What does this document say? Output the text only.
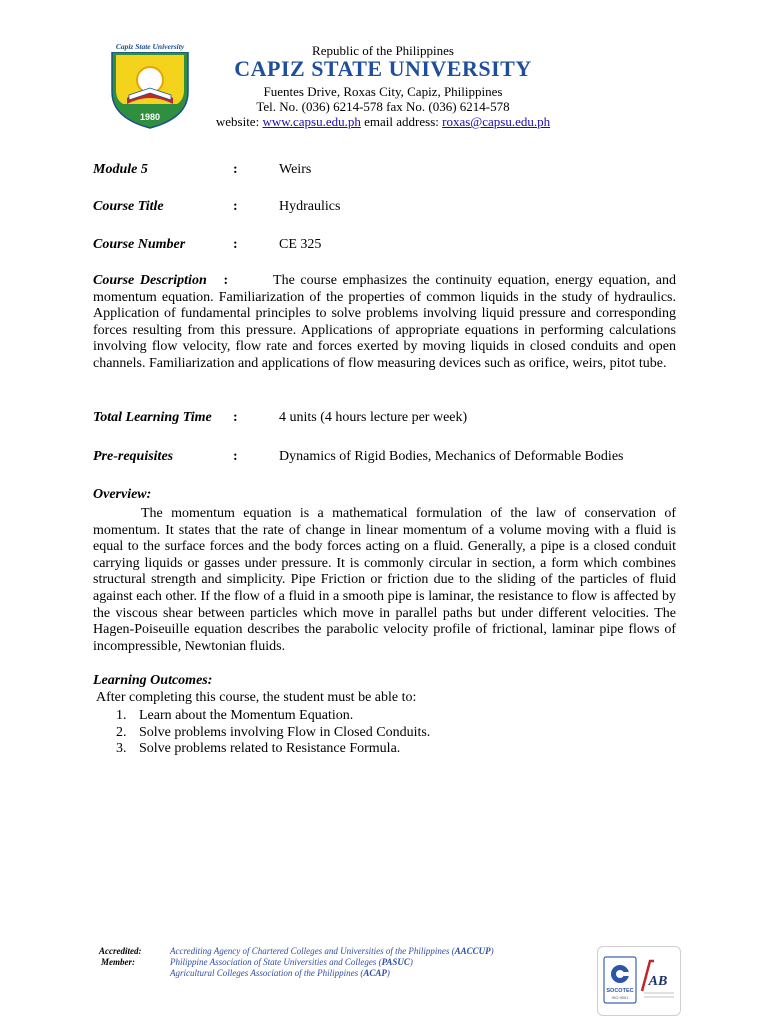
Capiz State University
1980
Republic of the Philippines
CAPIZ STATE UNIVERSITY
Fuentes Drive, Roxas City, Capiz, Philippines
Tel. No. (036) 6214-578 fax No. (036) 6214-578
website: www.capsu.edu.ph email address: roxas@capsu.edu.ph
Module 5	:	Weirs
Course Title	:	Hydraulics
Course Number	:	CE 325
Course Description :	The course emphasizes the continuity equation, energy equation, and momentum equation. Familiarization of the properties of common liquids in the study of hydraulics. Application of fundamental principles to solve problems involving liquid pressure and corresponding forces resulting from this pressure. Applications of appropriate equations in performing calculations involving flow velocity, flow rate and forces exerted by moving liquids in closed conduits and open channels. Familiarization and applications of flow measuring devices such as orifice, weirs, pitot tube.
Total Learning Time :	4 units (4 hours lecture per week)
Pre-requisites	:	Dynamics of Rigid Bodies, Mechanics of Deformable Bodies
Overview:
The momentum equation is a mathematical formulation of the law of conservation of momentum. It states that the rate of change in linear momentum of a volume moving with a fluid is equal to the surface forces and the body forces acting on a fluid. Generally, a pipe is a closed conduit carrying liquids or gasses under pressure. It is commonly circular in section, a form which combines structural strength and simplicity. Pipe Friction or friction due to the sliding of the particles of fluid against each other. If the flow of a fluid in a smooth pipe is laminar, the resistance to flow is affected by the viscous shear between particles which move in parallel paths but under different velocities. The Hagen-Poiseuille equation describes the parabolic velocity profile of frictional, laminar pipe flows of incompressible, Newtonian fluids.
Learning Outcomes:
After completing this course, the student must be able to:
1. Learn about the Momentum Equation.
2. Solve problems involving Flow in Closed Conduits.
3. Solve problems related to Resistance Formula.
Accredited:
Member:
Accrediting Agency of Chartered Colleges and Universities of the Philippines (AACCUP)
Philippine Association of State Universities and Colleges (PASUC)
Agricultural Colleges Association of the Philippines (ACAP)
SOCOTEC
ISO 9001
AB
